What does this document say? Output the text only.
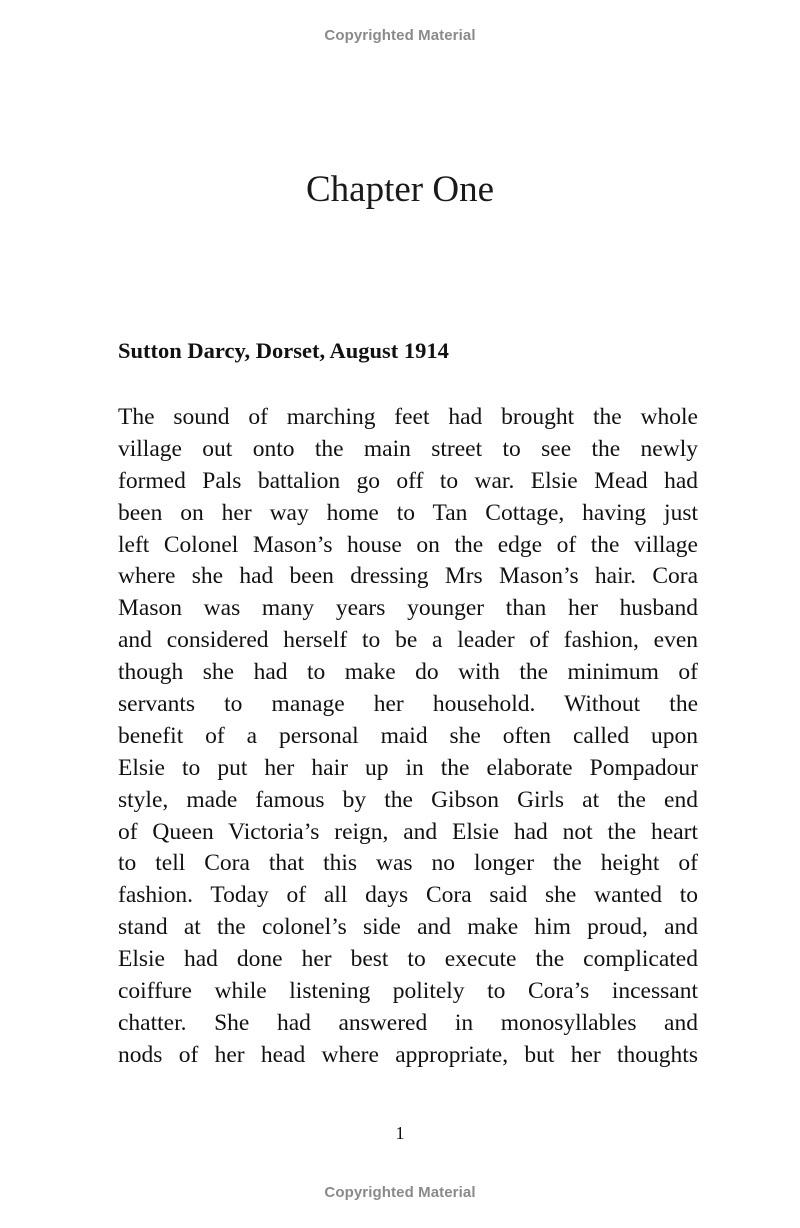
Copyrighted Material
Chapter One
Sutton Darcy, Dorset, August 1914
The sound of marching feet had brought the whole
village out onto the main street to see the newly
formed Pals battalion go off to war. Elsie Mead had
been on her way home to Tan Cottage, having just
left Colonel Mason’s house on the edge of the village
where she had been dressing Mrs Mason’s hair. Cora
Mason was many years younger than her husband
and considered herself to be a leader of fashion, even
though she had to make do with the minimum of
servants to manage her household. Without the
benefit of a personal maid she often called upon
Elsie to put her hair up in the elaborate Pompadour
style, made famous by the Gibson Girls at the end
of Queen Victoria’s reign, and Elsie had not the heart
to tell Cora that this was no longer the height of
fashion. Today of all days Cora said she wanted to
stand at the colonel’s side and make him proud, and
Elsie had done her best to execute the complicated
coiffure while listening politely to Cora’s incessant
chatter. She had answered in monosyllables and
nods of her head where appropriate, but her thoughts
1
Copyrighted Material
